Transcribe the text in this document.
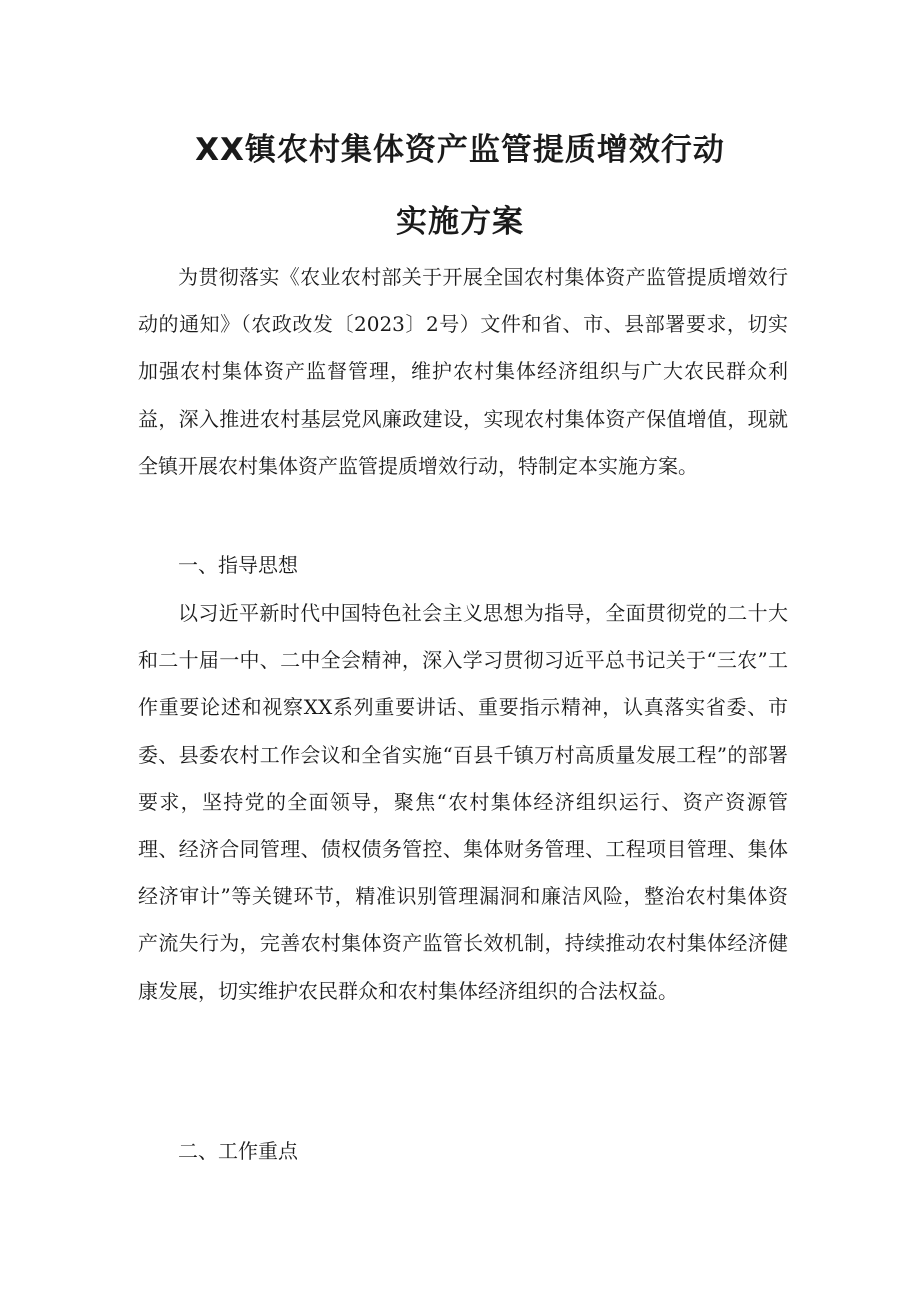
XX镇农村集体资产监管提质增效行动
实施方案

为贯彻落实《农业农村部关于开展全国农村集体资产监管提质增效行动的通知》（农政改发〔2023〕2号）文件和省、市、县部署要求，切实加强农村集体资产监督管理，维护农村集体经济组织与广大农民群众利益，深入推进农村基层党风廉政建设，实现农村集体资产保值增值，现就全镇开展农村集体资产监管提质增效行动，特制定本实施方案。

一、指导思想

以习近平新时代中国特色社会主义思想为指导，全面贯彻党的二十大和二十届一中、二中全会精神，深入学习贯彻习近平总书记关于“三农”工作重要论述和视察XX系列重要讲话、重要指示精神，认真落实省委、市委、县委农村工作会议和全省实施“百县千镇万村高质量发展工程”的部署要求，坚持党的全面领导，聚焦“农村集体经济组织运行、资产资源管理、经济合同管理、债权债务管控、集体财务管理、工程项目管理、集体经济审计”等关键环节，精准识别管理漏洞和廉洁风险，整治农村集体资产流失行为，完善农村集体资产监管长效机制，持续推动农村集体经济健康发展，切实维护农民群众和农村集体经济组织的合法权益。

二、工作重点
